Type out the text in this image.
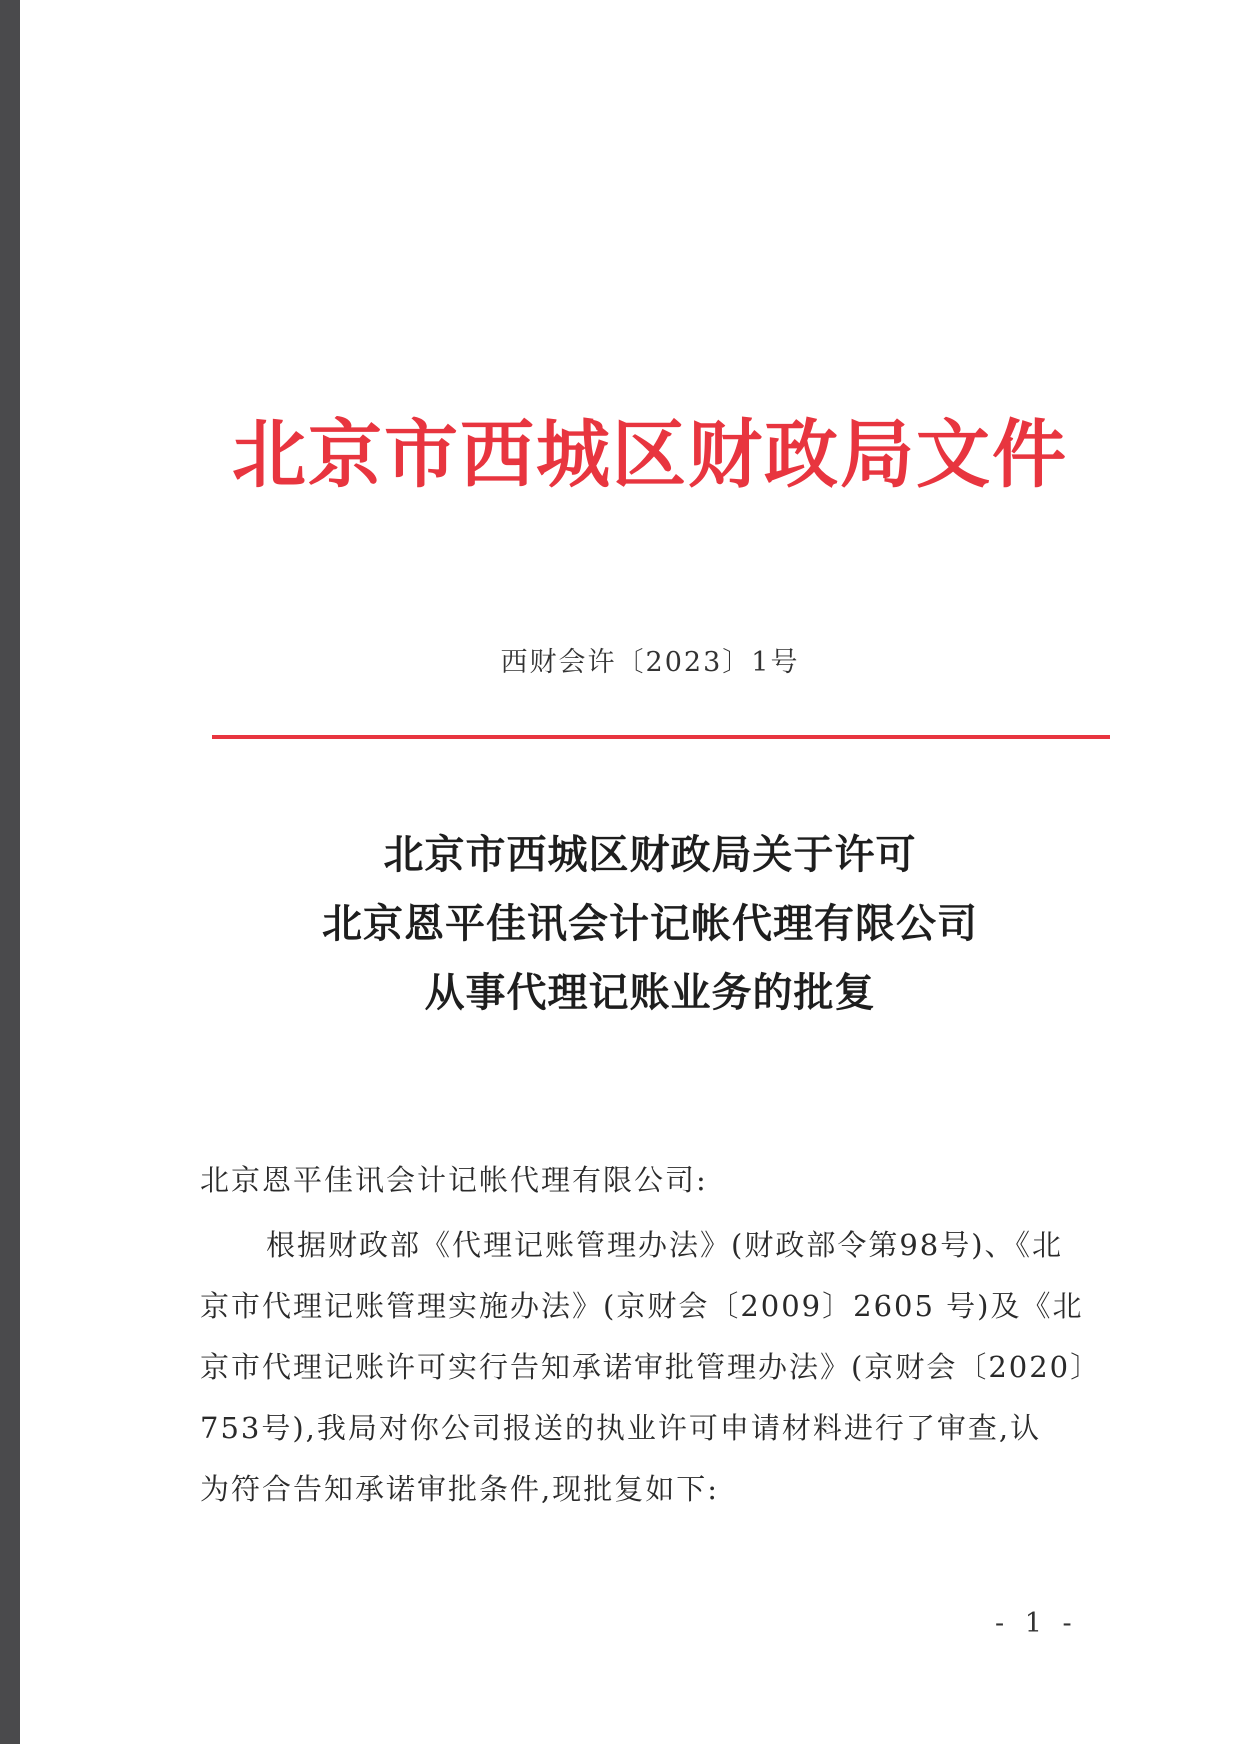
北京市西城区财政局文件
西财会许〔2023〕1号
北京市西城区财政局关于许可
北京恩平佳讯会计记帐代理有限公司
从事代理记账业务的批复
北京恩平佳讯会计记帐代理有限公司:
根据财政部《代理记账管理办法》(财政部令第98号)、《北
京市代理记账管理实施办法》(京财会〔2009〕2605 号)及《北
京市代理记账许可实行告知承诺审批管理办法》(京财会〔2020〕
753号),我局对你公司报送的执业许可申请材料进行了审查,认
为符合告知承诺审批条件,现批复如下:
- 1 -
